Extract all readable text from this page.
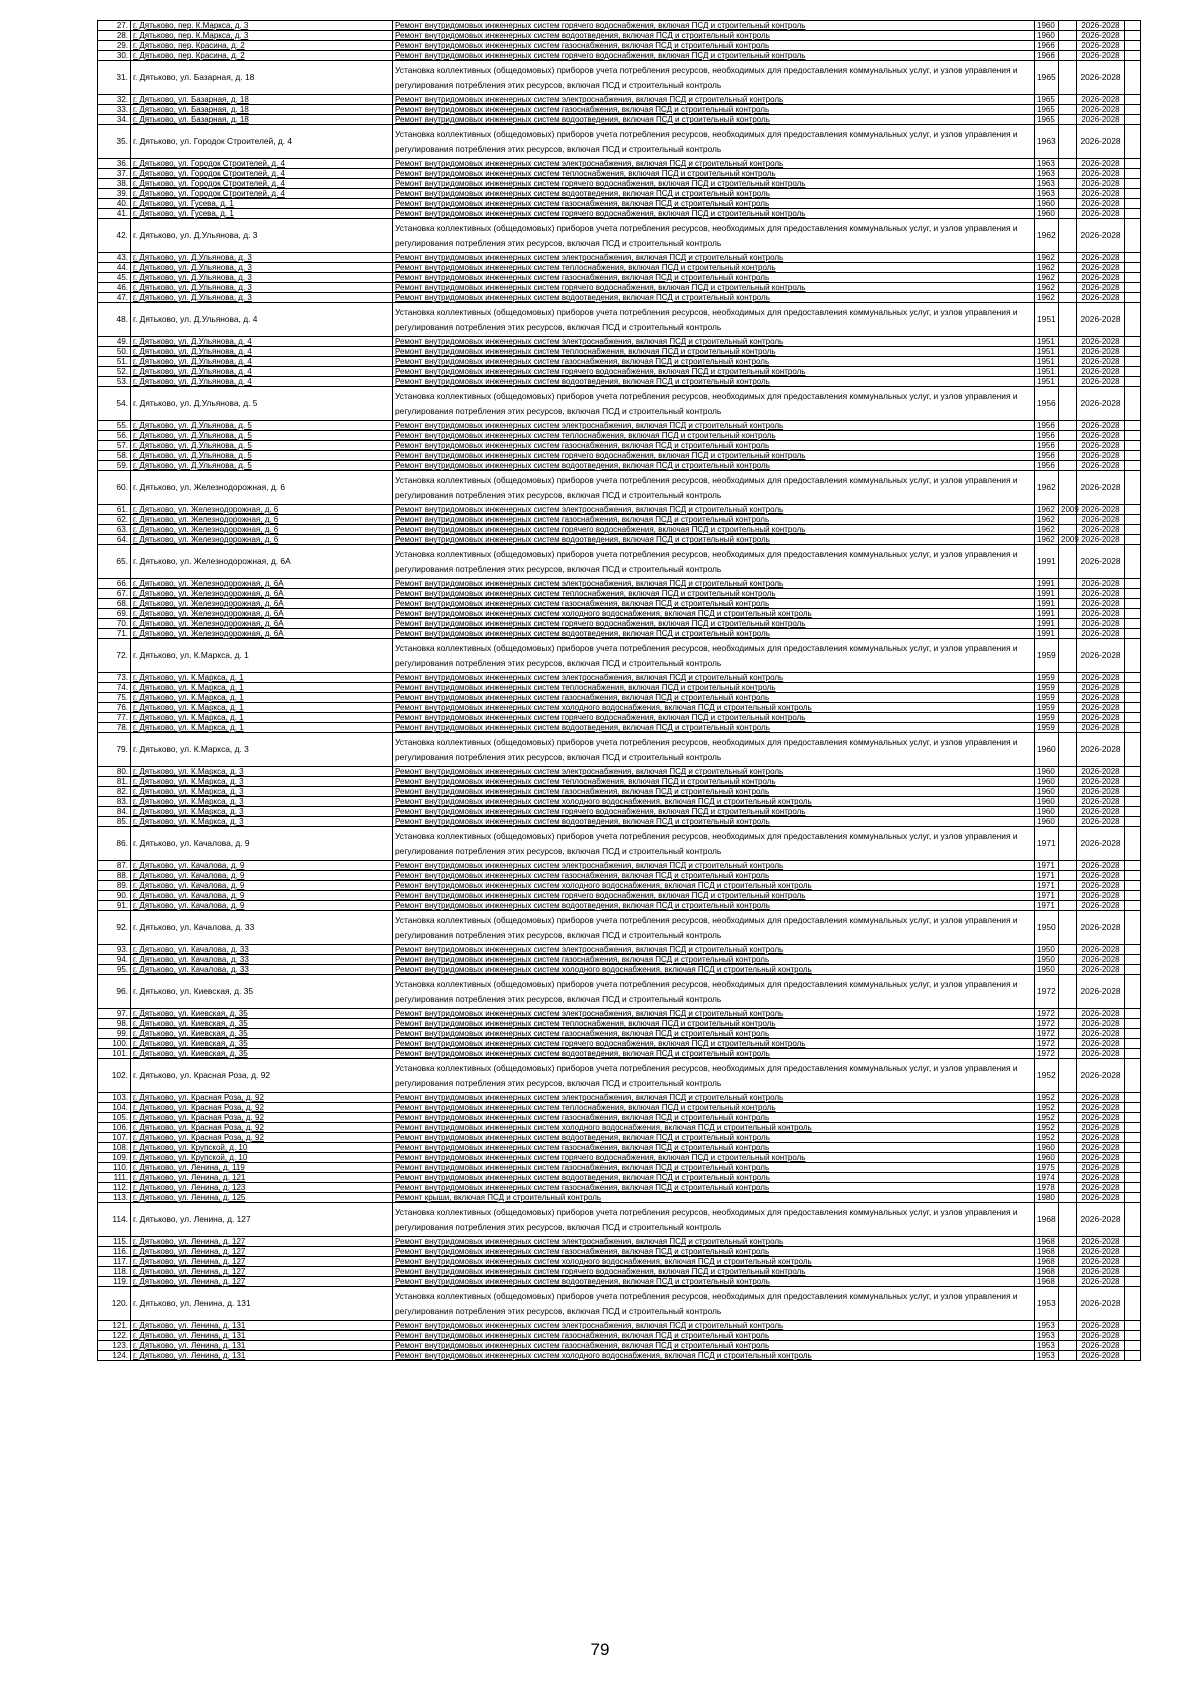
27.	г. Дятьково, пер. К.Маркса, д. 3	Ремонт внутридомовых инженерных систем горячего водоснабжения, включая ПСД и строительный контроль	1960		2026-2028	
28.	г. Дятьково, пер. К.Маркса, д. 3	Ремонт внутридомовых инженерных систем водоотведения, включая ПСД и строительный контроль	1960		2026-2028	
29.	г. Дятьково, пер. Красина, д. 2	Ремонт внутридомовых инженерных систем газоснабжения, включая ПСД и строительный контроль	1966		2026-2028	
30.	г. Дятьково, пер. Красина, д. 2	Ремонт внутридомовых инженерных систем горячего водоснабжения, включая ПСД и строительный контроль	1966		2026-2028	
31.	г. Дятьково, ул. Базарная, д. 18	Установка коллективных (общедомовых) приборов учета потребления ресурсов, необходимых для предоставления коммунальных услуг, и узлов управления и регулирования потребления этих ресурсов, включая ПСД и строительный контроль	1965		2026-2028	
32.	г. Дятьково, ул. Базарная, д. 18	Ремонт внутридомовых инженерных систем электроснабжения, включая ПСД и строительный контроль	1965		2026-2028	
33.	г. Дятьково, ул. Базарная, д. 18	Ремонт внутридомовых инженерных систем газоснабжения, включая ПСД и строительный контроль	1965		2026-2028	
34.	г. Дятьково, ул. Базарная, д. 18	Ремонт внутридомовых инженерных систем водоотведения, включая ПСД и строительный контроль	1965		2026-2028	
35.	г. Дятьково, ул. Городок Строителей, д. 4	Установка коллективных (общедомовых) приборов учета потребления ресурсов, необходимых для предоставления коммунальных услуг, и узлов управления и регулирования потребления этих ресурсов, включая ПСД и строительный контроль	1963		2026-2028	
36.	г. Дятьково, ул. Городок Строителей, д. 4	Ремонт внутридомовых инженерных систем электроснабжения, включая ПСД и строительный контроль	1963		2026-2028	
37.	г. Дятьково, ул. Городок Строителей, д. 4	Ремонт внутридомовых инженерных систем теплоснабжения, включая ПСД и строительный контроль	1963		2026-2028	
38.	г. Дятьково, ул. Городок Строителей, д. 4	Ремонт внутридомовых инженерных систем горячего водоснабжения, включая ПСД и строительный контроль	1963		2026-2028	
39.	г. Дятьково, ул. Городок Строителей, д. 4	Ремонт внутридомовых инженерных систем водоотведения, включая ПСД и строительный контроль	1963		2026-2028	
40.	г. Дятьково, ул. Гусева, д. 1	Ремонт внутридомовых инженерных систем газоснабжения, включая ПСД и строительный контроль	1960		2026-2028	
41.	г. Дятьково, ул. Гусева, д. 1	Ремонт внутридомовых инженерных систем горячего водоснабжения, включая ПСД и строительный контроль	1960		2026-2028	
42.	г. Дятьково, ул. Д.Ульянова, д. 3	Установка коллективных (общедомовых) приборов учета потребления ресурсов, необходимых для предоставления коммунальных услуг, и узлов управления и регулирования потребления этих ресурсов, включая ПСД и строительный контроль	1962		2026-2028	
43.	г. Дятьково, ул. Д.Ульянова, д. 3	Ремонт внутридомовых инженерных систем электроснабжения, включая ПСД и строительный контроль	1962		2026-2028	
44.	г. Дятьково, ул. Д.Ульянова, д. 3	Ремонт внутридомовых инженерных систем теплоснабжения, включая ПСД и строительный контроль	1962		2026-2028	
45.	г. Дятьково, ул. Д.Ульянова, д. 3	Ремонт внутридомовых инженерных систем газоснабжения, включая ПСД и строительный контроль	1962		2026-2028	
46.	г. Дятьково, ул. Д.Ульянова, д. 3	Ремонт внутридомовых инженерных систем горячего водоснабжения, включая ПСД и строительный контроль	1962		2026-2028	
47.	г. Дятьково, ул. Д.Ульянова, д. 3	Ремонт внутридомовых инженерных систем водоотведения, включая ПСД и строительный контроль	1962		2026-2028	
48.	г. Дятьково, ул. Д.Ульянова, д. 4	Установка коллективных (общедомовых) приборов учета потребления ресурсов, необходимых для предоставления коммунальных услуг, и узлов управления и регулирования потребления этих ресурсов, включая ПСД и строительный контроль	1951		2026-2028	
49.	г. Дятьково, ул. Д.Ульянова, д. 4	Ремонт внутридомовых инженерных систем электроснабжения, включая ПСД и строительный контроль	1951		2026-2028	
50.	г. Дятьково, ул. Д.Ульянова, д. 4	Ремонт внутридомовых инженерных систем теплоснабжения, включая ПСД и строительный контроль	1951		2026-2028	
51.	г. Дятьково, ул. Д.Ульянова, д. 4	Ремонт внутридомовых инженерных систем газоснабжения, включая ПСД и строительный контроль	1951		2026-2028	
52.	г. Дятьково, ул. Д.Ульянова, д. 4	Ремонт внутридомовых инженерных систем горячего водоснабжения, включая ПСД и строительный контроль	1951		2026-2028	
53.	г. Дятьково, ул. Д.Ульянова, д. 4	Ремонт внутридомовых инженерных систем водоотведения, включая ПСД и строительный контроль	1951		2026-2028	
54.	г. Дятьково, ул. Д.Ульянова, д. 5	Установка коллективных (общедомовых) приборов учета потребления ресурсов, необходимых для предоставления коммунальных услуг, и узлов управления и регулирования потребления этих ресурсов, включая ПСД и строительный контроль	1956		2026-2028	
55.	г. Дятьково, ул. Д.Ульянова, д. 5	Ремонт внутридомовых инженерных систем электроснабжения, включая ПСД и строительный контроль	1956		2026-2028	
56.	г. Дятьково, ул. Д.Ульянова, д. 5	Ремонт внутридомовых инженерных систем теплоснабжения, включая ПСД и строительный контроль	1956		2026-2028	
57.	г. Дятьково, ул. Д.Ульянова, д. 5	Ремонт внутридомовых инженерных систем газоснабжения, включая ПСД и строительный контроль	1956		2026-2028	
58.	г. Дятьково, ул. Д.Ульянова, д. 5	Ремонт внутридомовых инженерных систем горячего водоснабжения, включая ПСД и строительный контроль	1956		2026-2028	
59.	г. Дятьково, ул. Д.Ульянова, д. 5	Ремонт внутридомовых инженерных систем водоотведения, включая ПСД и строительный контроль	1956		2026-2028	
60.	г. Дятьково, ул. Железнодорожная, д. 6	Установка коллективных (общедомовых) приборов учета потребления ресурсов, необходимых для предоставления коммунальных услуг, и узлов управления и регулирования потребления этих ресурсов, включая ПСД и строительный контроль	1962		2026-2028	
61.	г. Дятьково, ул. Железнодорожная, д. 6	Ремонт внутридомовых инженерных систем электроснабжения, включая ПСД и строительный контроль	1962	2009	2026-2028	
62.	г. Дятьково, ул. Железнодорожная, д. 6	Ремонт внутридомовых инженерных систем газоснабжения, включая ПСД и строительный контроль	1962		2026-2028	
63.	г. Дятьково, ул. Железнодорожная, д. 6	Ремонт внутридомовых инженерных систем горячего водоснабжения, включая ПСД и строительный контроль	1962		2026-2028	
64.	г. Дятьково, ул. Железнодорожная, д. 6	Ремонт внутридомовых инженерных систем водоотведения, включая ПСД и строительный контроль	1962	2009	2026-2028	
65.	г. Дятьково, ул. Железнодорожная, д. 6А	Установка коллективных (общедомовых) приборов учета потребления ресурсов, необходимых для предоставления коммунальных услуг, и узлов управления и регулирования потребления этих ресурсов, включая ПСД и строительный контроль	1991		2026-2028	
66.	г. Дятьково, ул. Железнодорожная, д. 6А	Ремонт внутридомовых инженерных систем электроснабжения, включая ПСД и строительный контроль	1991		2026-2028	
67.	г. Дятьково, ул. Железнодорожная, д. 6А	Ремонт внутридомовых инженерных систем теплоснабжения, включая ПСД и строительный контроль	1991		2026-2028	
68.	г. Дятьково, ул. Железнодорожная, д. 6А	Ремонт внутридомовых инженерных систем газоснабжения, включая ПСД и строительный контроль	1991		2026-2028	
69.	г. Дятьково, ул. Железнодорожная, д. 6А	Ремонт внутридомовых инженерных систем холодного водоснабжения, включая ПСД и строительный контроль	1991		2026-2028	
70.	г. Дятьково, ул. Железнодорожная, д. 6А	Ремонт внутридомовых инженерных систем горячего водоснабжения, включая ПСД и строительный контроль	1991		2026-2028	
71.	г. Дятьково, ул. Железнодорожная, д. 6А	Ремонт внутридомовых инженерных систем водоотведения, включая ПСД и строительный контроль	1991		2026-2028	
72.	г. Дятьково, ул. К.Маркса, д. 1	Установка коллективных (общедомовых) приборов учета потребления ресурсов, необходимых для предоставления коммунальных услуг, и узлов управления и регулирования потребления этих ресурсов, включая ПСД и строительный контроль	1959		2026-2028	
73.	г. Дятьково, ул. К.Маркса, д. 1	Ремонт внутридомовых инженерных систем электроснабжения, включая ПСД и строительный контроль	1959		2026-2028	
74.	г. Дятьково, ул. К.Маркса, д. 1	Ремонт внутридомовых инженерных систем теплоснабжения, включая ПСД и строительный контроль	1959		2026-2028	
75.	г. Дятьково, ул. К.Маркса, д. 1	Ремонт внутридомовых инженерных систем газоснабжения, включая ПСД и строительный контроль	1959		2026-2028	
76.	г. Дятьково, ул. К.Маркса, д. 1	Ремонт внутридомовых инженерных систем холодного водоснабжения, включая ПСД и строительный контроль	1959		2026-2028	
77.	г. Дятьково, ул. К.Маркса, д. 1	Ремонт внутридомовых инженерных систем горячего водоснабжения, включая ПСД и строительный контроль	1959		2026-2028	
78.	г. Дятьково, ул. К.Маркса, д. 1	Ремонт внутридомовых инженерных систем водоотведения, включая ПСД и строительный контроль	1959		2026-2028	
79.	г. Дятьково, ул. К.Маркса, д. 3	Установка коллективных (общедомовых) приборов учета потребления ресурсов, необходимых для предоставления коммунальных услуг, и узлов управления и регулирования потребления этих ресурсов, включая ПСД и строительный контроль	1960		2026-2028	
80.	г. Дятьково, ул. К.Маркса, д. 3	Ремонт внутридомовых инженерных систем электроснабжения, включая ПСД и строительный контроль	1960		2026-2028	
81.	г. Дятьково, ул. К.Маркса, д. 3	Ремонт внутридомовых инженерных систем теплоснабжения, включая ПСД и строительный контроль	1960		2026-2028	
82.	г. Дятьково, ул. К.Маркса, д. 3	Ремонт внутридомовых инженерных систем газоснабжения, включая ПСД и строительный контроль	1960		2026-2028	
83.	г. Дятьково, ул. К.Маркса, д. 3	Ремонт внутридомовых инженерных систем холодного водоснабжения, включая ПСД и строительный контроль	1960		2026-2028	
84.	г. Дятьково, ул. К.Маркса, д. 3	Ремонт внутридомовых инженерных систем горячего водоснабжения, включая ПСД и строительный контроль	1960		2026-2028	
85.	г. Дятьково, ул. К.Маркса, д. 3	Ремонт внутридомовых инженерных систем водоотведения, включая ПСД и строительный контроль	1960		2026-2028	
86.	г. Дятьково, ул. Качалова, д. 9	Установка коллективных (общедомовых) приборов учета потребления ресурсов, необходимых для предоставления коммунальных услуг, и узлов управления и регулирования потребления этих ресурсов, включая ПСД и строительный контроль	1971		2026-2028	
87.	г. Дятьково, ул. Качалова, д. 9	Ремонт внутридомовых инженерных систем электроснабжения, включая ПСД и строительный контроль	1971		2026-2028	
88.	г. Дятьково, ул. Качалова, д. 9	Ремонт внутридомовых инженерных систем газоснабжения, включая ПСД и строительный контроль	1971		2026-2028	
89.	г. Дятьково, ул. Качалова, д. 9	Ремонт внутридомовых инженерных систем холодного водоснабжения, включая ПСД и строительный контроль	1971		2026-2028	
90.	г. Дятьково, ул. Качалова, д. 9	Ремонт внутридомовых инженерных систем горячего водоснабжения, включая ПСД и строительный контроль	1971		2026-2028	
91.	г. Дятьково, ул. Качалова, д. 9	Ремонт внутридомовых инженерных систем водоотведения, включая ПСД и строительный контроль	1971		2026-2028	
92.	г. Дятьково, ул. Качалова, д. 33	Установка коллективных (общедомовых) приборов учета потребления ресурсов, необходимых для предоставления коммунальных услуг, и узлов управления и регулирования потребления этих ресурсов, включая ПСД и строительный контроль	1950		2026-2028	
93.	г. Дятьково, ул. Качалова, д. 33	Ремонт внутридомовых инженерных систем электроснабжения, включая ПСД и строительный контроль	1950		2026-2028	
94.	г. Дятьково, ул. Качалова, д. 33	Ремонт внутридомовых инженерных систем газоснабжения, включая ПСД и строительный контроль	1950		2026-2028	
95.	г. Дятьково, ул. Качалова, д. 33	Ремонт внутридомовых инженерных систем холодного водоснабжения, включая ПСД и строительный контроль	1950		2026-2028	
96.	г. Дятьково, ул. Киевская, д. 35	Установка коллективных (общедомовых) приборов учета потребления ресурсов, необходимых для предоставления коммунальных услуг, и узлов управления и регулирования потребления этих ресурсов, включая ПСД и строительный контроль	1972		2026-2028	
97.	г. Дятьково, ул. Киевская, д. 35	Ремонт внутридомовых инженерных систем электроснабжения, включая ПСД и строительный контроль	1972		2026-2028	
98.	г. Дятьково, ул. Киевская, д. 35	Ремонт внутридомовых инженерных систем теплоснабжения, включая ПСД и строительный контроль	1972		2026-2028	
99.	г. Дятьково, ул. Киевская, д. 35	Ремонт внутридомовых инженерных систем газоснабжения, включая ПСД и строительный контроль	1972		2026-2028	
100.	г. Дятьково, ул. Киевская, д. 35	Ремонт внутридомовых инженерных систем горячего водоснабжения, включая ПСД и строительный контроль	1972		2026-2028	
101.	г. Дятьково, ул. Киевская, д. 35	Ремонт внутридомовых инженерных систем водоотведения, включая ПСД и строительный контроль	1972		2026-2028	
102.	г. Дятьково, ул. Красная Роза, д. 92	Установка коллективных (общедомовых) приборов учета потребления ресурсов, необходимых для предоставления коммунальных услуг, и узлов управления и регулирования потребления этих ресурсов, включая ПСД и строительный контроль	1952		2026-2028	
103.	г. Дятьково, ул. Красная Роза, д. 92	Ремонт внутридомовых инженерных систем электроснабжения, включая ПСД и строительный контроль	1952		2026-2028	
104.	г. Дятьково, ул. Красная Роза, д. 92	Ремонт внутридомовых инженерных систем теплоснабжения, включая ПСД и строительный контроль	1952		2026-2028	
105.	г. Дятьково, ул. Красная Роза, д. 92	Ремонт внутридомовых инженерных систем газоснабжения, включая ПСД и строительный контроль	1952		2026-2028	
106.	г. Дятьково, ул. Красная Роза, д. 92	Ремонт внутридомовых инженерных систем холодного водоснабжения, включая ПСД и строительный контроль	1952		2026-2028	
107.	г. Дятьково, ул. Красная Роза, д. 92	Ремонт внутридомовых инженерных систем водоотведения, включая ПСД и строительный контроль	1952		2026-2028	
108.	г. Дятьково, ул. Крупской, д. 10	Ремонт внутридомовых инженерных систем газоснабжения, включая ПСД и строительный контроль	1960		2026-2028	
109.	г. Дятьково, ул. Крупской, д. 10	Ремонт внутридомовых инженерных систем горячего водоснабжения, включая ПСД и строительный контроль	1960		2026-2028	
110.	г. Дятьково, ул. Ленина, д. 119	Ремонт внутридомовых инженерных систем газоснабжения, включая ПСД и строительный контроль	1975		2026-2028	
111.	г. Дятьково, ул. Ленина, д. 121	Ремонт внутридомовых инженерных систем водоотведения, включая ПСД и строительный контроль	1974		2026-2028	
112.	г. Дятьково, ул. Ленина, д. 123	Ремонт внутридомовых инженерных систем газоснабжения, включая ПСД и строительный контроль	1978		2026-2028	
113.	г. Дятьково, ул. Ленина, д. 125	Ремонт крыши, включая ПСД и строительный контроль	1980		2026-2028	
114.	г. Дятьково, ул. Ленина, д. 127	Установка коллективных (общедомовых) приборов учета потребления ресурсов, необходимых для предоставления коммунальных услуг, и узлов управления и регулирования потребления этих ресурсов, включая ПСД и строительный контроль	1968		2026-2028	
115.	г. Дятьково, ул. Ленина, д. 127	Ремонт внутридомовых инженерных систем электроснабжения, включая ПСД и строительный контроль	1968		2026-2028	
116.	г. Дятьково, ул. Ленина, д. 127	Ремонт внутридомовых инженерных систем газоснабжения, включая ПСД и строительный контроль	1968		2026-2028	
117.	г. Дятьково, ул. Ленина, д. 127	Ремонт внутридомовых инженерных систем холодного водоснабжения, включая ПСД и строительный контроль	1968		2026-2028	
118.	г. Дятьково, ул. Ленина, д. 127	Ремонт внутридомовых инженерных систем горячего водоснабжения, включая ПСД и строительный контроль	1968		2026-2028	
119.	г. Дятьково, ул. Ленина, д. 127	Ремонт внутридомовых инженерных систем водоотведения, включая ПСД и строительный контроль	1968		2026-2028	
120.	г. Дятьково, ул. Ленина, д. 131	Установка коллективных (общедомовых) приборов учета потребления ресурсов, необходимых для предоставления коммунальных услуг, и узлов управления и регулирования потребления этих ресурсов, включая ПСД и строительный контроль	1953		2026-2028	
121.	г. Дятьково, ул. Ленина, д. 131	Ремонт внутридомовых инженерных систем электроснабжения, включая ПСД и строительный контроль	1953		2026-2028	
122.	г. Дятьково, ул. Ленина, д. 131	Ремонт внутридомовых инженерных систем газоснабжения, включая ПСД и строительный контроль	1953		2026-2028	
123.	г. Дятьково, ул. Ленина, д. 131	Ремонт внутридомовых инженерных систем газоснабжения, включая ПСД и строительный контроль	1953		2026-2028	
124.	г. Дятьково, ул. Ленина, д. 131	Ремонт внутридомовых инженерных систем холодного водоснабжения, включая ПСД и строительный контроль	1953		2026-2028	
79
